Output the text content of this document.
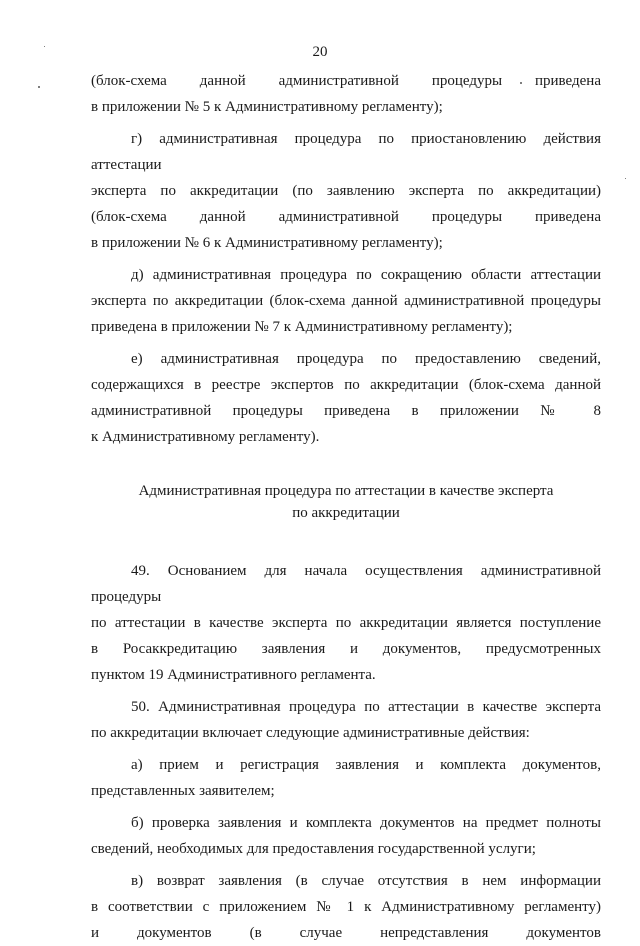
20

(блок-схема данной административной процедуры приведена

в приложении № 5 к Административному регламенту);

г) административная процедура по приостановлению действия аттестации

эксперта по аккредитации (по заявлению эксперта по аккредитации)

(блок-схема данной административной процедуры приведена

в приложении № 6 к Административному регламенту);

д) административная процедура по сокращению области аттестации

эксперта по аккредитации (блок-схема данной административной процедуры

приведена в приложении № 7 к Административному регламенту);

е) административная процедура по предоставлению сведений,

содержащихся в реестре экспертов по аккредитации (блок-схема данной

административной процедуры приведена в приложении № 8

к Административному регламенту).

Административная процедура по аттестации в качестве эксперта
по аккредитации

49. Основанием для начала осуществления административной процедуры

по аттестации в качестве эксперта по аккредитации является поступление

в Росаккредитацию заявления и документов, предусмотренных

пунктом 19 Административного регламента.

50. Административная процедура по аттестации в качестве эксперта

по аккредитации включает следующие административные действия:

а) прием и регистрация заявления и комплекта документов,

представленных заявителем;

б) проверка заявления и комплекта документов на предмет полноты

сведений, необходимых для предоставления государственной услуги;

в) возврат заявления (в случае отсутствия в нем информации

в соответствии с приложением № 1 к Административному регламенту)

и документов (в случае непредставления документов
